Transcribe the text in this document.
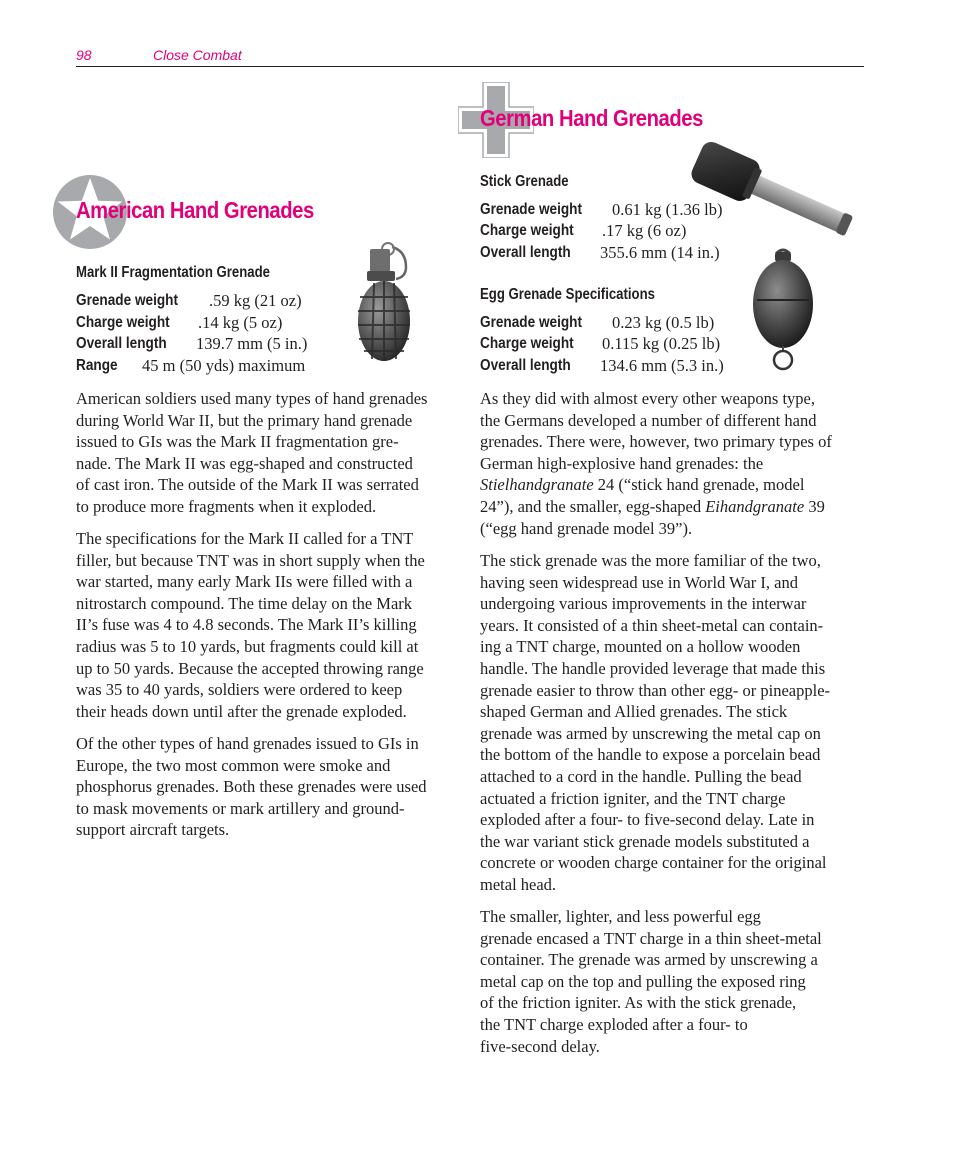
98	Close Combat
American Hand Grenades
Mark II Fragmentation Grenade
Grenade weight .59 kg (21 oz)
Charge weight .14 kg (5 oz)
Overall length 139.7 mm (5 in.)
Range 45 m (50 yds) maximum

American soldiers used many types of hand grenades
during World War II, but the primary hand grenade
issued to GIs was the Mark II fragmentation gre-
nade. The Mark II was egg-shaped and constructed
of cast iron. The outside of the Mark II was serrated
to produce more fragments when it exploded.

The specifications for the Mark II called for a TNT
filler, but because TNT was in short supply when the
war started, many early Mark IIs were filled with a
nitrostarch compound. The time delay on the Mark
II’s fuse was 4 to 4.8 seconds. The Mark II’s killing
radius was 5 to 10 yards, but fragments could kill at
up to 50 yards. Because the accepted throwing range
was 35 to 40 yards, soldiers were ordered to keep
their heads down until after the grenade exploded.

Of the other types of hand grenades issued to GIs in
Europe, the two most common were smoke and
phosphorus grenades. Both these grenades were used
to mask movements or mark artillery and ground-
support aircraft targets.

German Hand Grenades
Stick Grenade
Grenade weight 0.61 kg (1.36 lb)
Charge weight .17 kg (6 oz)
Overall length 355.6 mm (14 in.)
Egg Grenade Specifications
Grenade weight 0.23 kg (0.5 lb)
Charge weight 0.115 kg (0.25 lb)
Overall length 134.6 mm (5.3 in.)

As they did with almost every other weapons type,
the Germans developed a number of different hand
grenades. There were, however, two primary types of
German high-explosive hand grenades: the
Stielhandgranate 24 (“stick hand grenade, model
24”), and the smaller, egg-shaped Eihandgranate 39
(“egg hand grenade model 39”).

The stick grenade was the more familiar of the two,
having seen widespread use in World War I, and
undergoing various improvements in the interwar
years. It consisted of a thin sheet-metal can contain-
ing a TNT charge, mounted on a hollow wooden
handle. The handle provided leverage that made this
grenade easier to throw than other egg- or pineapple-
shaped German and Allied grenades. The stick
grenade was armed by unscrewing the metal cap on
the bottom of the handle to expose a porcelain bead
attached to a cord in the handle. Pulling the bead
actuated a friction igniter, and the TNT charge
exploded after a four- to five-second delay. Late in
the war variant stick grenade models substituted a
concrete or wooden charge container for the original
metal head.

The smaller, lighter, and less powerful egg
grenade encased a TNT charge in a thin sheet-metal
container. The grenade was armed by unscrewing a
metal cap on the top and pulling the exposed ring
of the friction igniter. As with the stick grenade,
the TNT charge exploded after a four- to
five-second delay.
